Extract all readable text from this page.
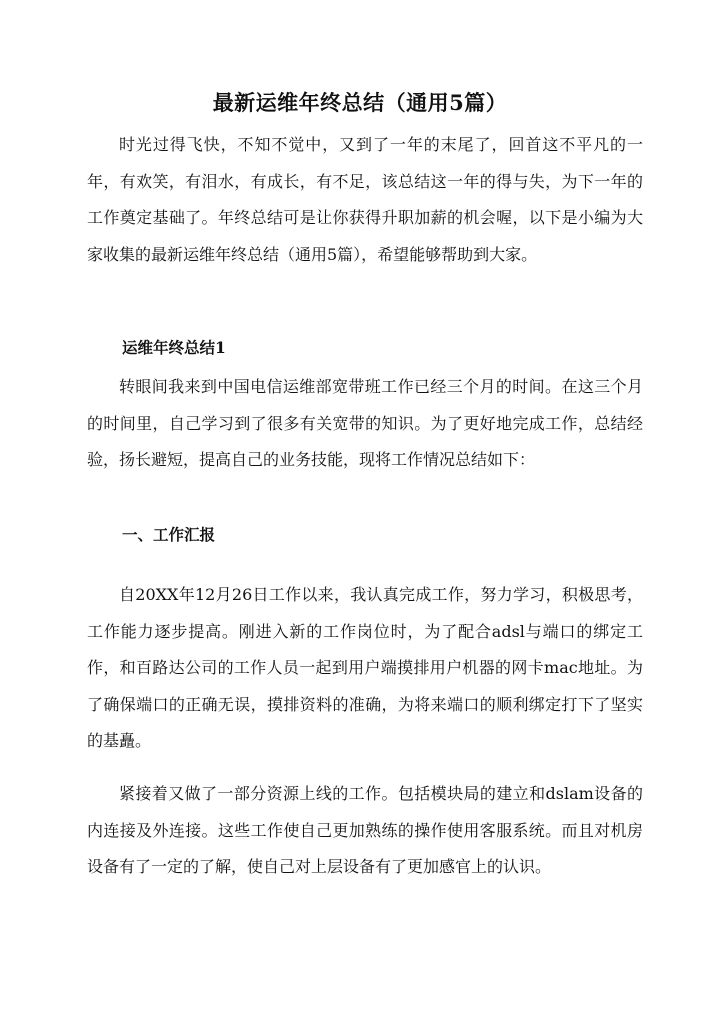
最新运维年终总结（通用5篇）

时光过得飞快，不知不觉中，又到了一年的末尾了，回首这不平凡的一年，有欢笑，有泪水，有成长，有不足，该总结这一年的得与失，为下一年的工作奠定基础了。年终总结可是让你获得升职加薪的机会喔，以下是小编为大家收集的最新运维年终总结（通用5篇），希望能够帮助到大家。

运维年终总结1

转眼间我来到中国电信运维部宽带班工作已经三个月的时间。在这三个月的时间里，自己学习到了很多有关宽带的知识。为了更好地完成工作，总结经验，扬长避短，提高自己的业务技能，现将工作情况总结如下：

一、工作汇报

自20XX年12月26日工作以来，我认真完成工作，努力学习，积极思考，工作能力逐步提高。刚进入新的工作岗位时，为了配合adsl与端口的绑定工作，和百路达公司的工作人员一起到用户端摸排用户机器的网卡mac地址。为了确保端口的正确无误，摸排资料的准确，为将来端口的顺利绑定打下了坚实的基矗。

紧接着又做了一部分资源上线的工作。包括模块局的建立和dslam设备的内连接及外连接。这些工作使自己更加熟练的操作使用客服系统。而且对机房设备有了一定的了解，使自己对上层设备有了更加感官上的认识。
